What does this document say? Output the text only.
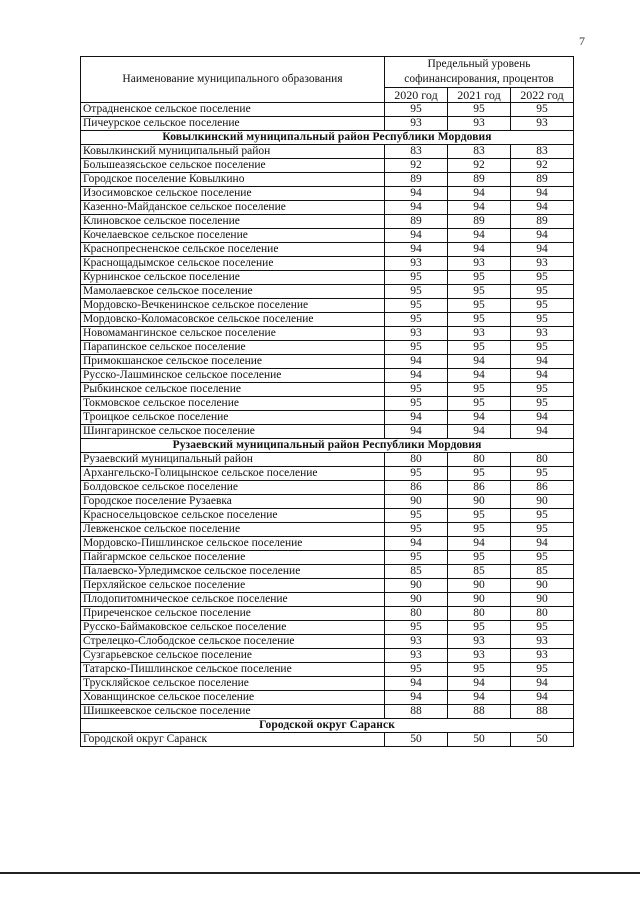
7
Наименование муниципального образования	Предельный уровень софинансирования, процентов		
	2020 год	2021 год	2022 год
Отрадненское сельское поселение	95	95	95
Пичеурское сельское поселение	93	93	93
Ковылкинский муниципальный район Республики Мордовия			
Ковылкинский муниципальный район	83	83	83
Большеазясьское сельское поселение	92	92	92
Городское поселение Ковылкино	89	89	89
Изосимовское сельское поселение	94	94	94
Казенно-Майданское сельское поселение	94	94	94
Клиновское сельское поселение	89	89	89
Кочелаевское сельское поселение	94	94	94
Краснопресненское сельское поселение	94	94	94
Краснощадымское сельское поселение	93	93	93
Курнинское сельское поселение	95	95	95
Мамолаевское сельское поселение	95	95	95
Мордовско-Вечкенинское сельское поселение	95	95	95
Мордовско-Коломасовское сельское поселение	95	95	95
Новомамангинское сельское поселение	93	93	93
Парапинское сельское поселение	95	95	95
Примокшанское сельское поселение	94	94	94
Русско-Лашминское сельское поселение	94	94	94
Рыбкинское сельское поселение	95	95	95
Токмовское сельское поселение	95	95	95
Троицкое сельское поселение	94	94	94
Шингаринское сельское поселение	94	94	94
Рузаевский муниципальный район Республики Мордовия			
Рузаевский муниципальный район	80	80	80
Архангельско-Голицынское сельское поселение	95	95	95
Болдовское сельское поселение	86	86	86
Городское поселение Рузаевка	90	90	90
Красносельцовское сельское поселение	95	95	95
Левженское сельское поселение	95	95	95
Мордовско-Пишлинское сельское поселение	94	94	94
Пайгармское сельское поселение	95	95	95
Палаевско-Урледимское сельское поселение	85	85	85
Перхляйское сельское поселение	90	90	90
Плодопитомническое сельское поселение	90	90	90
Приреченское сельское поселение	80	80	80
Русско-Баймаковское сельское поселение	95	95	95
Стрелецко-Слободское сельское поселение	93	93	93
Сузгарьевское сельское поселение	93	93	93
Татарско-Пишлинское сельское поселение	95	95	95
Трускляйское сельское поселение	94	94	94
Хованщинское сельское поселение	94	94	94
Шишкеевское сельское поселение	88	88	88
Городской округ Саранск			
Городской округ Саранск	50	50	50
